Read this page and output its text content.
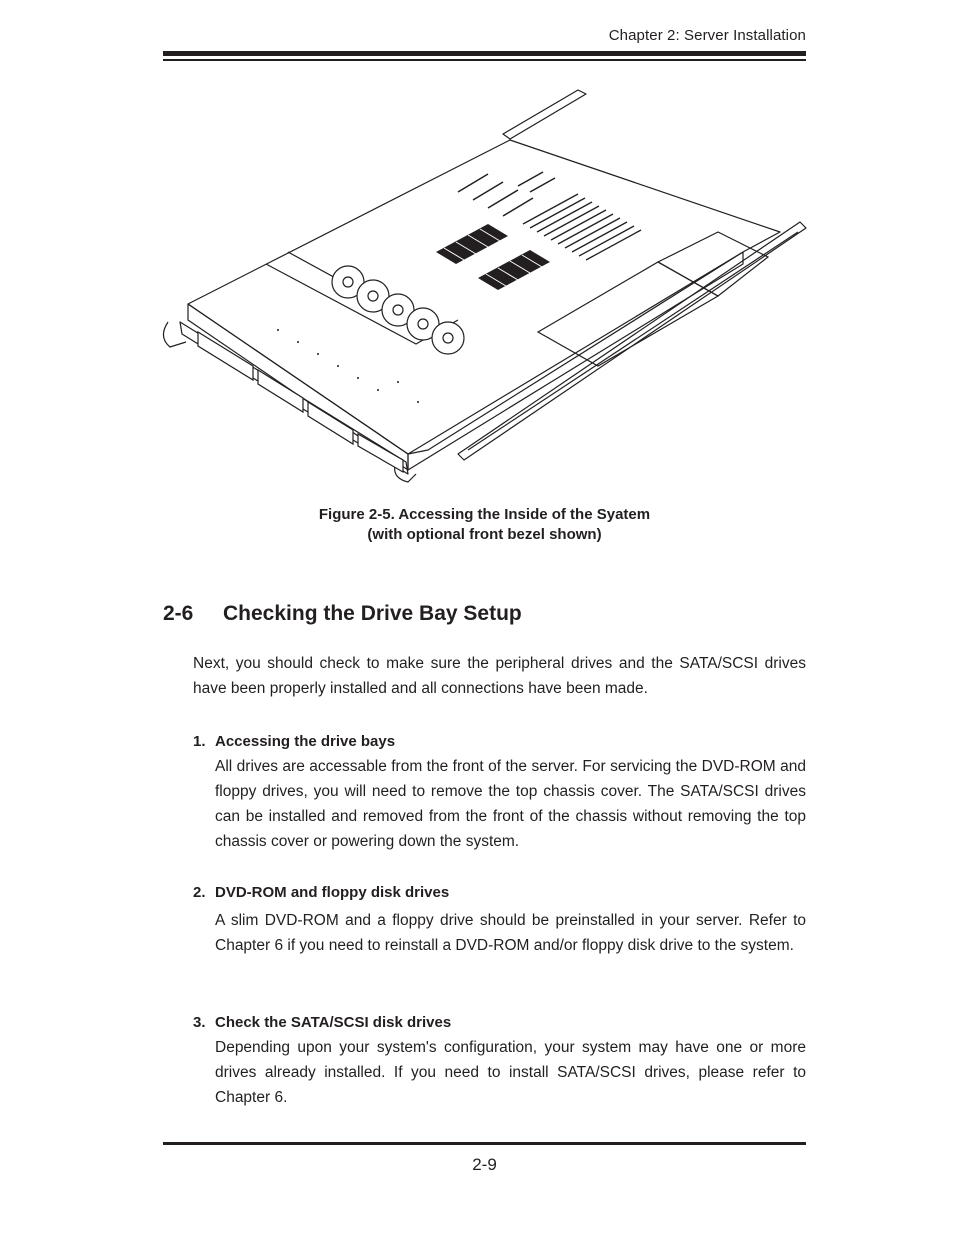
Chapter 2: Server Installation
Figure 2-5. Accessing the Inside of the Syatem
(with optional front bezel shown)
2-6 Checking the Drive Bay Setup

Next, you should check to make sure the peripheral drives and the SATA/SCSI drives have been properly installed and all connections have been made.

1. Accessing the drive bays

All drives are accessable from the front of the server. For servicing the DVD-ROM and floppy drives, you will need to remove the top chassis cover. The SATA/SCSI drives can be installed and removed from the front of the chassis without removing the top chassis cover or powering down the system.

2. DVD-ROM and floppy disk drives

A slim DVD-ROM and a floppy drive should be preinstalled in your server. Refer to Chapter 6 if you need to reinstall a DVD-ROM and/or floppy disk drive to the system.

3. Check the SATA/SCSI disk drives

Depending upon your system's configuration, your system may have one or more drives already installed. If you need to install SATA/SCSI drives, please refer to Chapter 6.

2-9
